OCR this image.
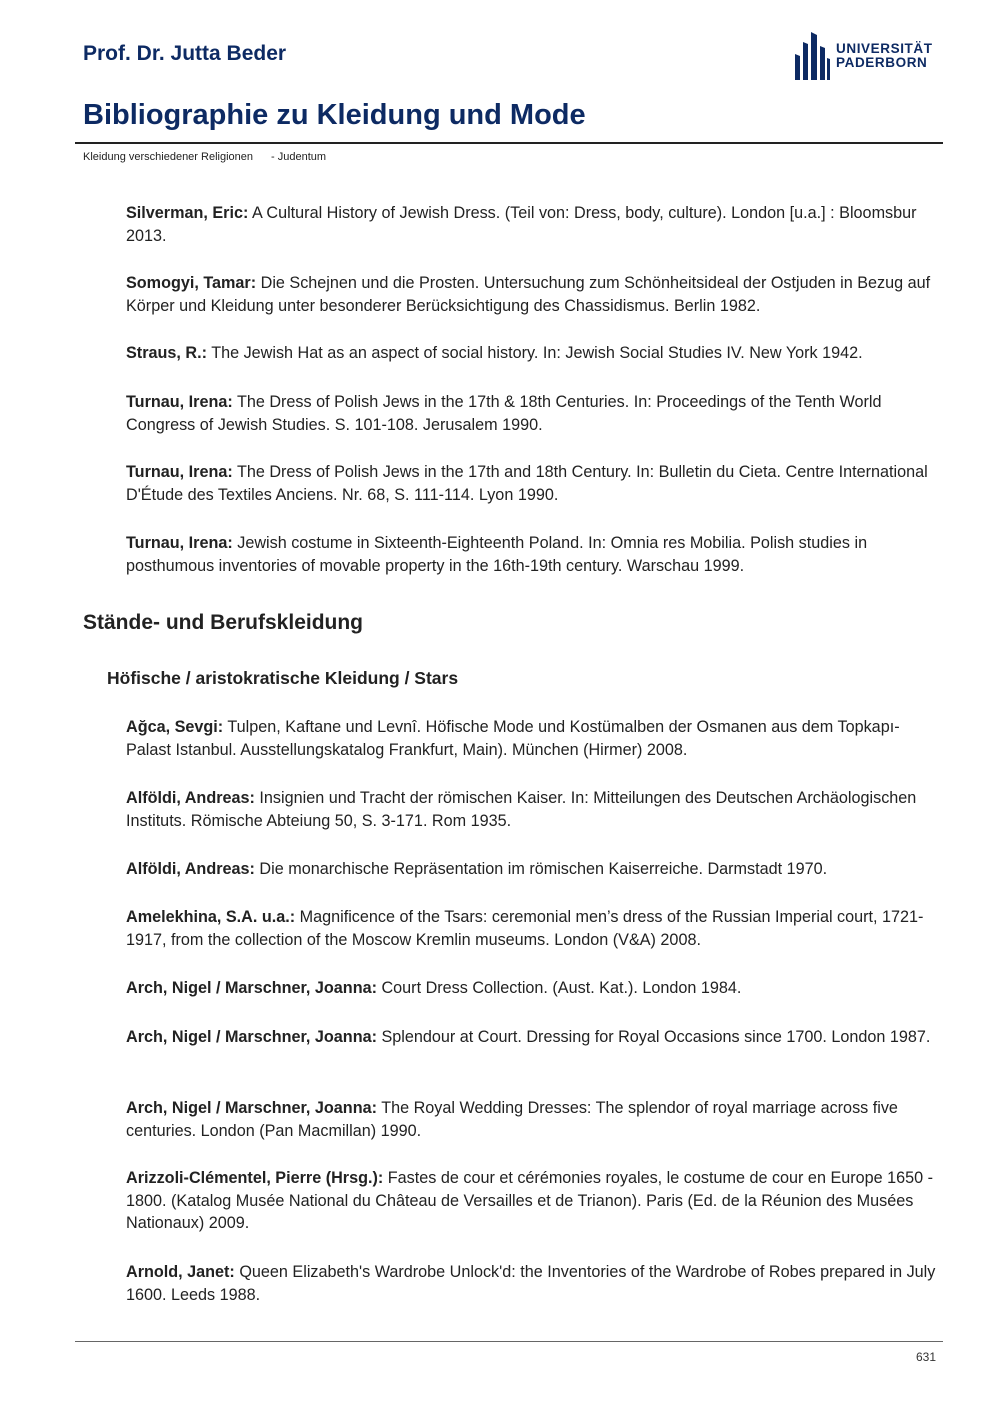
Prof. Dr. Jutta Beder	UNIVERSITÄT
PADERBORN
Bibliographie zu Kleidung und Mode
Kleidung verschiedener Religionen - Judentum

Silverman, Eric: A Cultural History of Jewish Dress. (Teil von: Dress, body, culture). London [u.a.] : Bloomsbur 2013.

Somogyi, Tamar: Die Schejnen und die Prosten. Untersuchung zum Schönheitsideal der Ostjuden in Bezug auf Körper und Kleidung unter besonderer Berücksichtigung des Chassidismus. Berlin 1982.

Straus, R.: The Jewish Hat as an aspect of social history. In: Jewish Social Studies IV. New York 1942.

Turnau, Irena: The Dress of Polish Jews in the 17th & 18th Centuries. In: Proceedings of the Tenth World Congress of Jewish Studies. S. 101-108. Jerusalem 1990.

Turnau, Irena: The Dress of Polish Jews in the 17th and 18th Century. In: Bulletin du Cieta. Centre International D'Étude des Textiles Anciens. Nr. 68, S. 111-114. Lyon 1990.

Turnau, Irena: Jewish costume in Sixteenth-Eighteenth Poland. In: Omnia res Mobilia. Polish studies in posthumous inventories of movable property in the 16th-19th century. Warschau 1999.

Stände- und Berufskleidung
Höfische / aristokratische Kleidung / Stars

Ağca, Sevgi: Tulpen, Kaftane und Levnî. Höfische Mode und Kostümalben der Osmanen aus dem Topkapı-Palast Istanbul. Ausstellungskatalog Frankfurt, Main). München (Hirmer) 2008.

Alföldi, Andreas: Insignien und Tracht der römischen Kaiser. In: Mitteilungen des Deutschen Archäologischen Instituts. Römische Abteiung 50, S. 3-171. Rom 1935.

Alföldi, Andreas: Die monarchische Repräsentation im römischen Kaiserreiche. Darmstadt 1970.

Amelekhina, S.A. u.a.: Magnificence of the Tsars: ceremonial men’s dress of the Russian Imperial court, 1721-1917, from the collection of the Moscow Kremlin museums. London (V&A) 2008.

Arch, Nigel / Marschner, Joanna: Court Dress Collection. (Aust. Kat.). London 1984.

Arch, Nigel / Marschner, Joanna: Splendour at Court. Dressing for Royal Occasions since 1700. London 1987.

Arch, Nigel / Marschner, Joanna: The Royal Wedding Dresses: The splendor of royal marriage across five centuries. London (Pan Macmillan) 1990.

Arizzoli-Clémentel, Pierre (Hrsg.): Fastes de cour et cérémonies royales, le costume de cour en Europe 1650 - 1800. (Katalog Musée National du Château de Versailles et de Trianon). Paris (Ed. de la Réunion des Musées Nationaux) 2009.

Arnold, Janet: Queen Elizabeth's Wardrobe Unlock'd: the Inventories of the Wardrobe of Robes prepared in July 1600. Leeds 1988.

631
